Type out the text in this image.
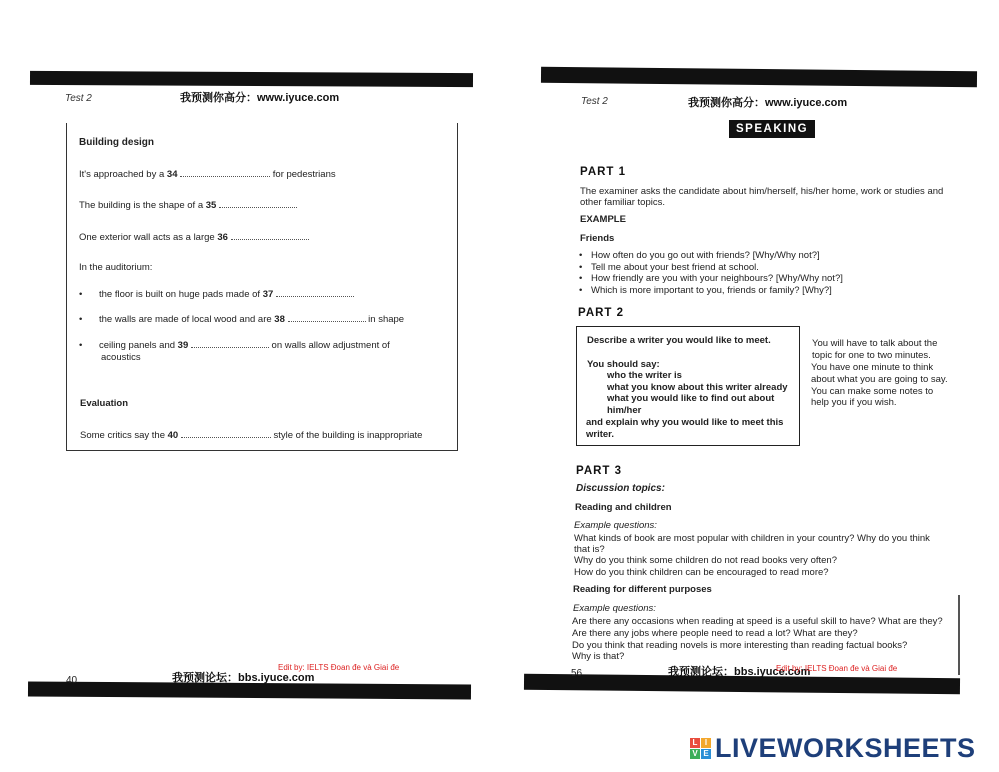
Test 2	我预测你高分：www.iyuce.com
Building design
It's approached by a 34	for pedestrians
The building is the shape of a 35
One exterior wall acts as a large 36
In the auditorium:
• the floor is built on huge pads made of 37
• the walls are made of local wood and are 38	in shape
• ceiling panels and 39	on walls allow adjustment of
acoustics
Evaluation
Some critics say the 40	style of the building is inappropriate
40	我预测论坛：bbs.iyuce.com
Edit by: IELTS Đoan đe và Giai đe
Test 2	我预测你高分：www.iyuce.com
SPEAKING
PART 1
The examiner asks the candidate about him/herself, his/her home, work or studies and
other familiar topics.
EXAMPLE
Friends
• How often do you go out with friends? [Why/Why not?]
• Tell me about your best friend at school.
• How friendly are you with your neighbours? [Why/Why not?]
• Which is more important to you, friends or family? [Why?]
PART 2
Describe a writer you would like to meet.
You should say:
who the writer is
what you know about this writer already
what you would like to find out about
him/her
and explain why you would like to meet this
writer.
You will have to talk about the
topic for one to two minutes.
You have one minute to think
about what you are going to say.
You can make some notes to
help you if you wish.
PART 3
Discussion topics:
Reading and children
Example questions:
What kinds of book are most popular with children in your country? Why do you think
that is?
Why do you think some children do not read books very often?
How do you think children can be encouraged to read more?
Reading for different purposes
Example questions:
Are there any occasions when reading at speed is a useful skill to have? What are they?
Are there any jobs where people need to read a lot? What are they?
Do you think that reading novels is more interesting than reading factual books?
Why is that?
56	我预测论坛：bbs.iyuce.com
Edit by: IELTS Đoan đe và Giai đe
L I
V E LIVEWORKSHEETS
